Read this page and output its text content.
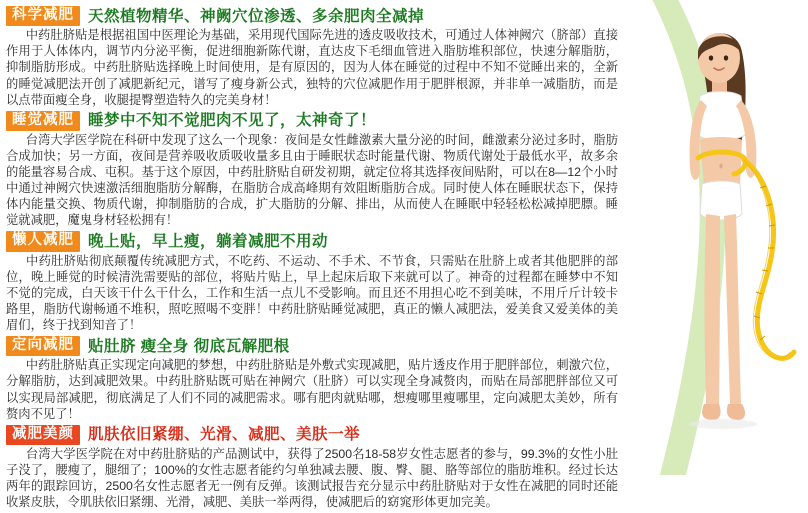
科学减肥 天然植物精华、神阙穴位渗透、多余肥肉全减掉

中药肚脐贴是根据祖国中医理论为基础，采用现代国际先进的透皮吸收技术，可通过人体神阙穴（脐部）直接作用于人体体内，调节内分泌平衡，促进细胞新陈代谢，直达皮下毛细血管进入脂肪堆积部位，快速分解脂肪，抑制脂肪形成。中药肚脐贴选择晚上时间使用，是有原因的，因为人体在睡觉的过程中不知不觉睡出来的，全新的睡觉减肥法开创了减肥新纪元，谱写了瘦身新公式，独特的穴位减肥作用于肥胖根源，并非单一减脂肪，而是以点带面瘦全身，收腿提臀塑造特久的完美身材！

睡觉减肥 睡梦中不知不觉肥肉不见了，太神奇了！

台湾大学医学院在科研中发现了这么一个现象：夜间是女性雌激素大量分泌的时间，雌激素分泌过多时，脂肪合成加快；另一方面，夜间是营养吸收质吸收量多且由于睡眠状态时能量代谢、物质代谢处于最低水平，故多余的能量容易合成、屯积。基于这个原因，中药肚脐贴自研发初期，就定位将其选择夜间贴附，可以在8—12个小时中通过神阙穴快速激活细胞脂肪分解酶，在脂肪合成高峰期有效阻断脂肪合成。同时使人体在睡眠状态下，保持体内能量交换、物质代谢，抑制脂肪的合成，扩大脂肪的分解、排出，从而使人在睡眠中轻轻松松减掉肥膘。睡觉就减肥，魔鬼身材轻松拥有！

懒人减肥 晚上贴，早上瘦，躺着减肥不用动

中药肚脐贴彻底颠覆传统减肥方式，不吃药、不运动、不手术、不节食，只需贴在肚脐上或者其他肥胖的部位，晚上睡觉的时候清洗需要贴的部位，将贴片贴上，早上起床后取下来就可以了。神奇的过程都在睡梦中不知不觉的完成，白天该干什么干什么，工作和生活一点儿不受影响。而且还不用担心吃不到美味，不用斤斤计较卡路里，脂肪代谢畅通不堆积，照吃照喝不变胖！中药肚脐贴睡觉减肥，真正的懒人减肥法，爱美食又爱美体的美眉们，终于找到知音了！

定向减肥 贴肚脐 瘦全身 彻底瓦解肥根

中药肚脐贴真正实现定向减肥的梦想，中药肚脐贴是外敷式实现减肥，贴片透皮作用于肥胖部位，刺激穴位，分解脂肪，达到减肥效果。中药肚脐贴既可贴在神阙穴（肚脐）可以实现全身减赘肉，而贴在局部肥胖部位又可以实现局部减肥，彻底满足了人们不同的减肥需求。哪有肥肉就贴哪，想瘦哪里瘦哪里，定向减肥太美妙，所有赘肉不见了！

减肥美颜 肌肤依旧紧绷、光滑、减肥、美肤一举

台湾大学医学院在对中药肚脐贴的产品测试中，获得了2500名18-58岁女性志愿者的参与，99.3%的女性小肚子没了，腰瘦了，腿细了；100%的女性志愿者能约匀单独减去腰、腹、臀、腿、胳等部位的脂肪堆积。经过长达两年的跟踪回访，2500名女性志愿者无一例有反弹。该测试报告充分显示中药肚脐贴对于女性在减肥的同时还能收紧皮肤，令肌肤依旧紧绷、光滑，减肥、美肤一举两得，使减肥后的窈窕形体更加完美。
